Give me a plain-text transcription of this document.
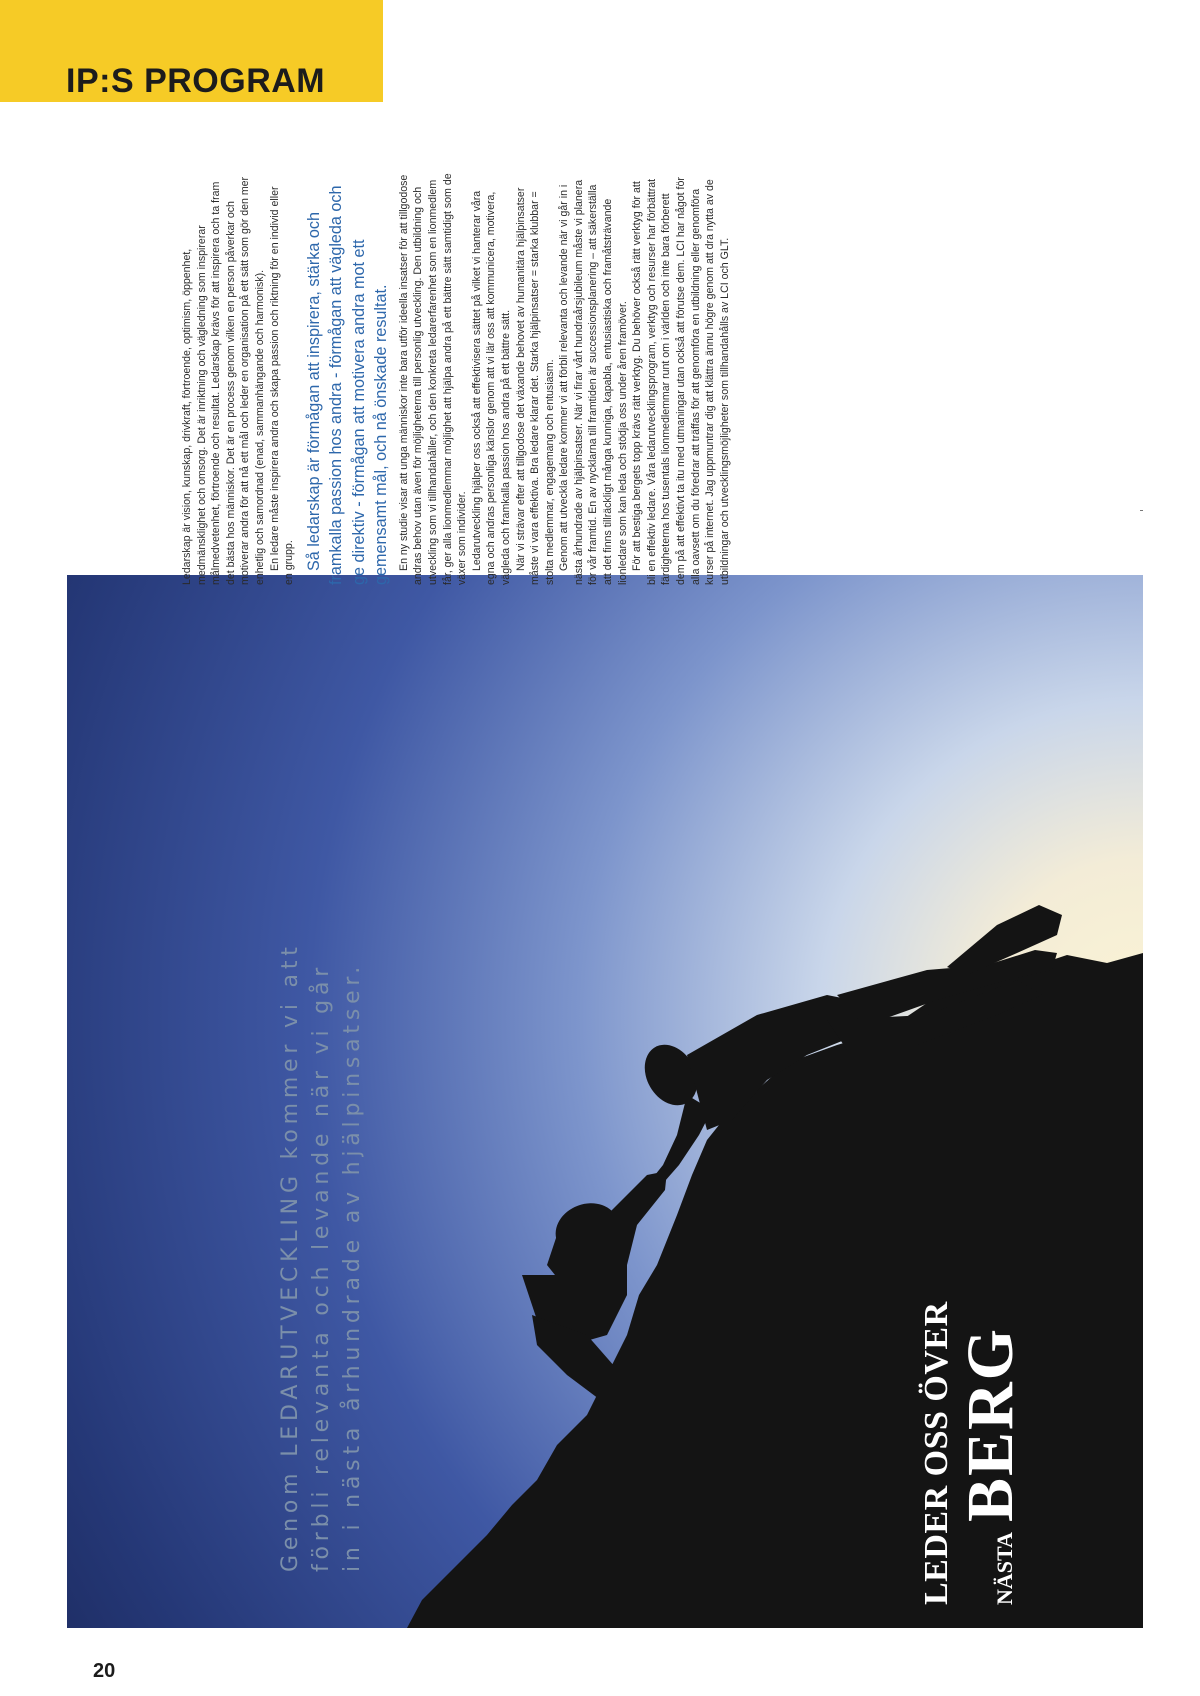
IP:S PROGRAM
Genom LEDARUTVECKLING kommer vi att förbli relevanta och levande när vi går in i nästa århundrade av hjälpinsatser.	LEDER OSS ÖVER NÄSTA
BERG

Ledarskap är vision, kunskap, drivkraft, förtroende, optimism, öppenhet, medmänsklighet och omsorg. Det är inriktning och vägledning som inspirerar målmedvetenhet, förtroende och resultat. Ledarskap krävs för att inspirera och ta fram det bästa hos människor. Det är en process genom vilken en person påverkar och motiverar andra för att nå ett mål och leder en organisation på ett sätt som gör den mer enhetlig och samordnad (enad, sammanhängande och harmonisk). En ledare måste inspirera andra och skapa passion och riktning för en individ eller en grupp. Så ledarskap är förmågan att inspirera, stärka och framkalla passion hos andra - förmågan att vägleda och ge direktiv - förmågan att motivera andra mot ett gemensamt mål, och nå önskade resultat. En ny studie visar att unga människor inte bara utför ideella insatser för att tillgodose andras behov utan även för möjligheterna till personlig utveckling. Den utbildning och utveckling som vi tillhandahåller, och den konkreta ledarerfarenhet som en lionmedlem får, ger alla lionmedlemmar möjlighet att hjälpa andra på ett bättre sätt samtidigt som de växer som individer. Ledarutveckling hjälper oss också att effektivisera sättet på vilket vi hanterar våra egna och andras personliga känslor genom att vi lär oss att kommunicera, motivera, vägleda och framkalla passion hos andra på ett bättre sätt. När vi strävar efter att tillgodose det växande behovet av humanitära hjälpinsatser måste vi vara effektiva. Bra ledare klarar det. Starka hjälpinsatser = starka klubbar = stolta medlemmar, engagemang och entusiasm. Genom att utveckla ledare kommer vi att förbli relevanta och levande när vi går in i nästa århundrade av hjälpinsatser. När vi firar vårt hundraårsjubileum måste vi planera för vår framtid. En av nycklarna till framtiden är successionsplanering – att säkerställa att det finns tillräckligt många kunniga, kapabla, entusiastiska och framåtsträvande lionledare som kan leda och stödja oss under åren framöver. För att bestiga bergets topp krävs rätt verktyg. Du behöver också rätt verktyg för att bli en effektiv ledare. Våra ledarutvecklingsprogram, verktyg och resurser har förbättrat färdigheterna hos tusentals lionmedlemmar runt om i världen och inte bara förberett dem på att effektivt ta itu med utmaningar utan också att förutse dem. LCI har något för alla oavsett om du föredrar att träffas för att genomföra en utbildning eller genomföra kurser på internet. Jag uppmuntrar dig att klättra ännu högre genom att dra nytta av de utbildningar och utvecklingsmöjligheter som tillhandahålls av LCI och GLT.

20
